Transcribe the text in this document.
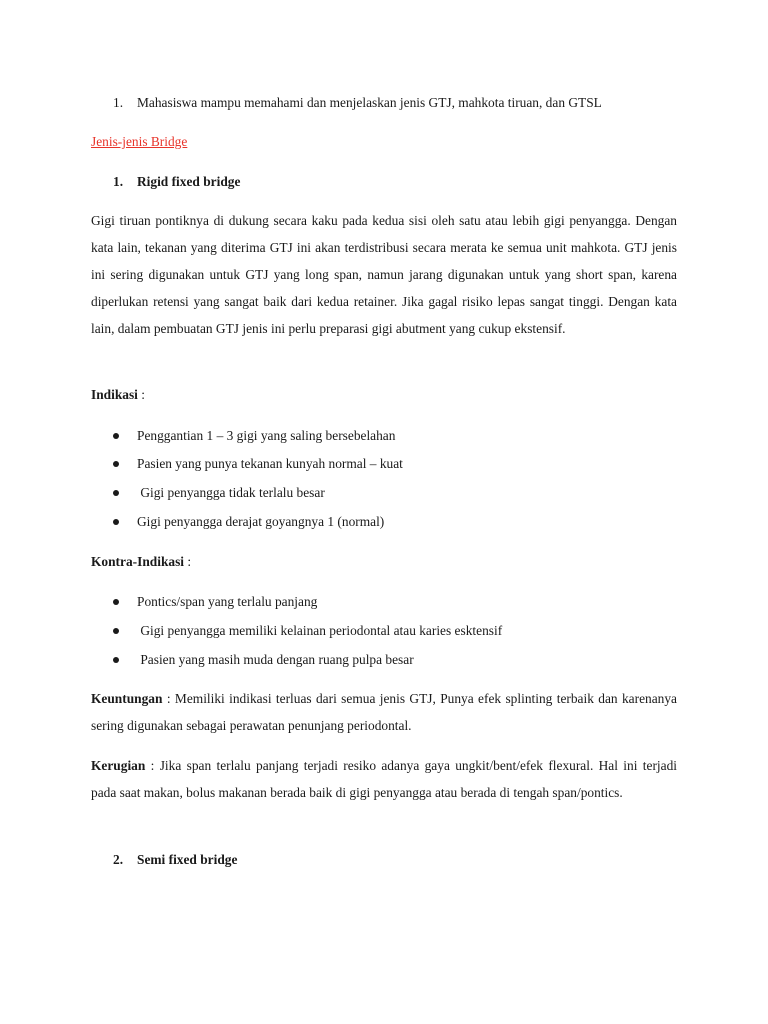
1. Mahasiswa mampu memahami dan menjelaskan jenis GTJ, mahkota tiruan, dan GTSL
Jenis-jenis Bridge
1. Rigid fixed bridge
Gigi tiruan pontiknya di dukung secara kaku pada kedua sisi oleh satu atau lebih gigi penyangga. Dengan kata lain, tekanan yang diterima GTJ ini akan terdistribusi secara merata ke semua unit mahkota. GTJ jenis ini sering digunakan untuk GTJ yang long span, namun jarang digunakan untuk yang short span, karena diperlukan retensi yang sangat baik dari kedua retainer. Jika gagal risiko lepas sangat tinggi. Dengan kata lain, dalam pembuatan GTJ jenis ini perlu preparasi gigi abutment yang cukup ekstensif.
Indikasi :
Penggantian 1 – 3 gigi yang saling bersebelahan
Pasien yang punya tekanan kunyah normal – kuat
Gigi penyangga tidak terlalu besar
Gigi penyangga derajat goyangnya 1 (normal)
Kontra-Indikasi :
Pontics/span yang terlalu panjang
Gigi penyangga memiliki kelainan periodontal atau karies esktensif
Pasien yang masih muda dengan ruang pulpa besar
Keuntungan : Memiliki indikasi terluas dari semua jenis GTJ, Punya efek splinting terbaik dan karenanya sering digunakan sebagai perawatan penunjang periodontal.
Kerugian : Jika span terlalu panjang terjadi resiko adanya gaya ungkit/bent/efek flexural. Hal ini terjadi pada saat makan, bolus makanan berada baik di gigi penyangga atau berada di tengah span/pontics.
2. Semi fixed bridge
